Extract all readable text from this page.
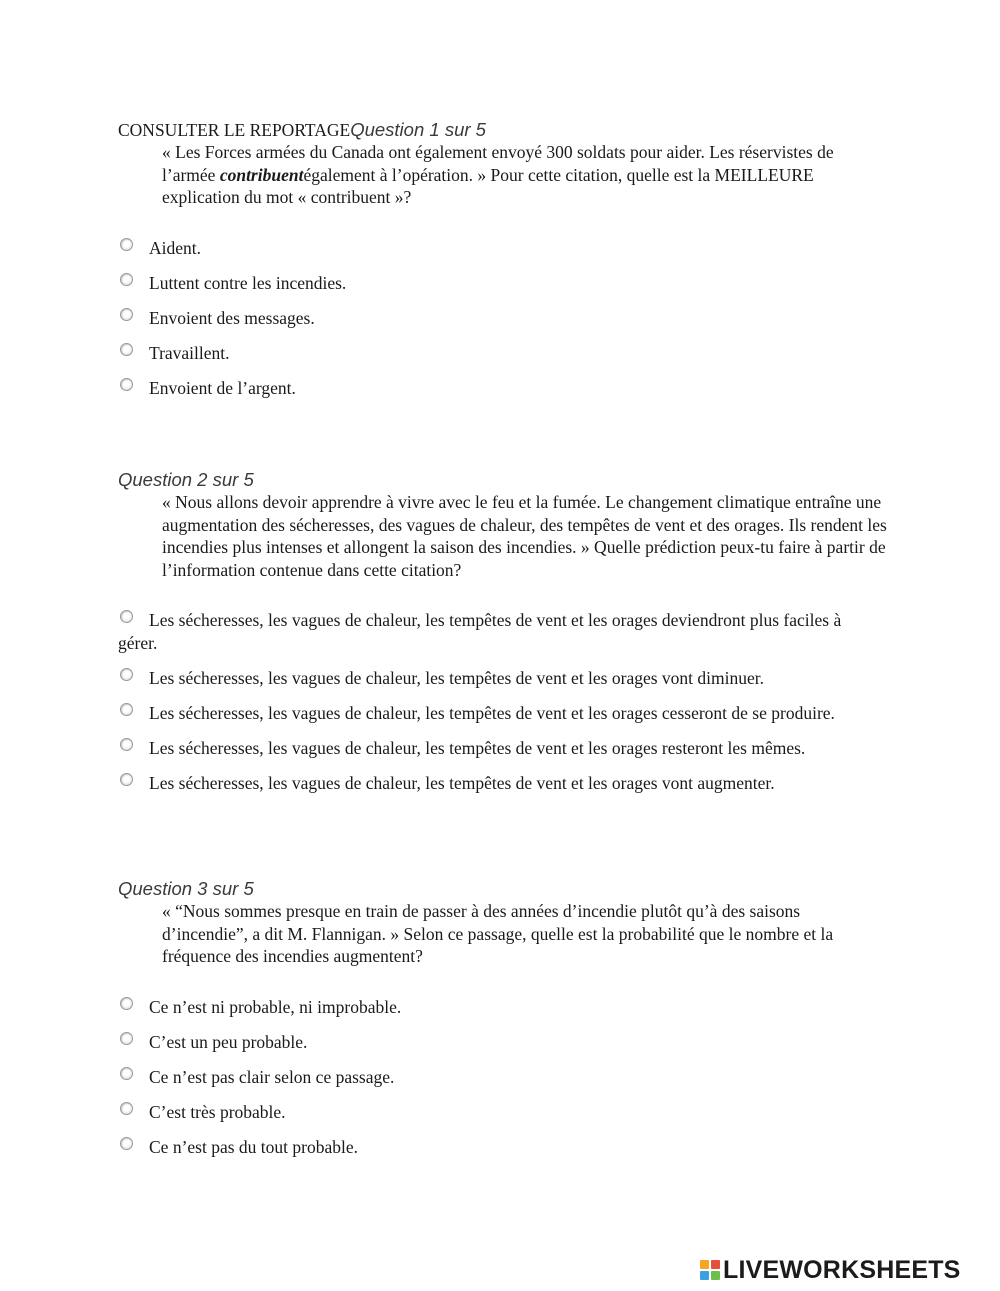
CONSULTER LE REPORTAGEQuestion 1 sur 5
« Les Forces armées du Canada ont également envoyé 300 soldats pour aider. Les réservistes de l’armée contribuentégalement à l’opération. » Pour cette citation, quelle est la MEILLEURE explication du mot « contribuent »?
Aident.
Luttent contre les incendies.
Envoient des messages.
Travaillent.
Envoient de l’argent.
Question 2 sur 5
« Nous allons devoir apprendre à vivre avec le feu et la fumée. Le changement climatique entraîne une augmentation des sécheresses, des vagues de chaleur, des tempêtes de vent et des orages. Ils rendent les incendies plus intenses et allongent la saison des incendies. » Quelle prédiction peux-tu faire à partir de l’information contenue dans cette citation?
Les sécheresses, les vagues de chaleur, les tempêtes de vent et les orages deviendront plus faciles à gérer.
Les sécheresses, les vagues de chaleur, les tempêtes de vent et les orages vont diminuer.
Les sécheresses, les vagues de chaleur, les tempêtes de vent et les orages cesseront de se produire.
Les sécheresses, les vagues de chaleur, les tempêtes de vent et les orages resteront les mêmes.
Les sécheresses, les vagues de chaleur, les tempêtes de vent et les orages vont augmenter.
Question 3 sur 5
« “Nous sommes presque en train de passer à des années d’incendie plutôt qu’à des saisons d’incendie”, a dit M. Flannigan. » Selon ce passage, quelle est la probabilité que le nombre et la fréquence des incendies augmentent?
Ce n’est ni probable, ni improbable.
C’est un peu probable.
Ce n’est pas clair selon ce passage.
C’est très probable.
Ce n’est pas du tout probable.
LIVEWORKSHEETS
